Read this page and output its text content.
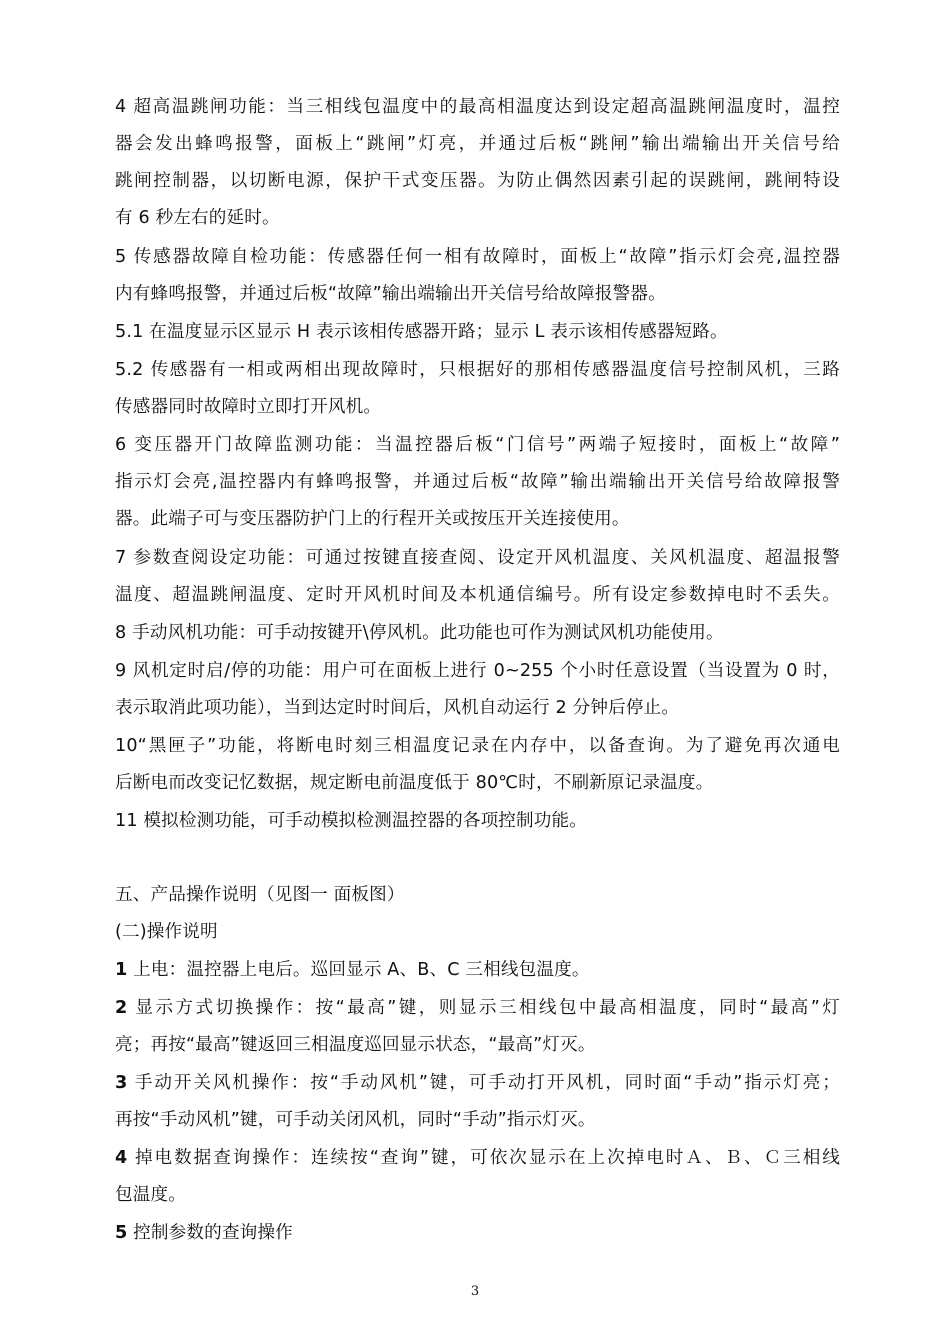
4 超高温跳闸功能：当三相线包温度中的最高相温度达到设定超高温跳闸温度时，温控
器会发出蜂鸣报警，面板上“跳闸”灯亮，并通过后板“跳闸”输出端输出开关信号给
跳闸控制器，以切断电源，保护干式变压器。为防止偶然因素引起的误跳闸，跳闸特设
有 6 秒左右的延时。
5 传感器故障自检功能：传感器任何一相有故障时，面板上“故障”指示灯会亮,温控器
内有蜂鸣报警，并通过后板“故障”输出端输出开关信号给故障报警器。
5.1 在温度显示区显示 H 表示该相传感器开路；显示 L 表示该相传感器短路。
5.2 传感器有一相或两相出现故障时，只根据好的那相传感器温度信号控制风机，三路
传感器同时故障时立即打开风机。
6 变压器开门故障监测功能：当温控器后板“门信号”两端子短接时，面板上“故障”
指示灯会亮,温控器内有蜂鸣报警，并通过后板“故障”输出端输出开关信号给故障报警
器。此端子可与变压器防护门上的行程开关或按压开关连接使用。
7 参数查阅设定功能：可通过按键直接查阅、设定开风机温度、关风机温度、超温报警
温度、超温跳闸温度、定时开风机时间及本机通信编号。所有设定参数掉电时不丢失。
8 手动风机功能：可手动按键开\停风机。此功能也可作为测试风机功能使用。
9 风机定时启/停的功能：用户可在面板上进行 0~255 个小时任意设置（当设置为 0 时，
表示取消此项功能），当到达定时时间后，风机自动运行 2 分钟后停止。
10“黑匣子”功能，将断电时刻三相温度记录在内存中，以备查询。为了避免再次通电
后断电而改变记忆数据，规定断电前温度低于 80℃时，不刷新原记录温度。
11 模拟检测功能，可手动模拟检测温控器的各项控制功能。
五、产品操作说明（见图一 面板图）
(二)操作说明
1 上电：温控器上电后。巡回显示 A、B、C 三相线包温度。
2 显示方式切换操作：按“最高”键，则显示三相线包中最高相温度，同时“最高”灯
亮；再按“最高”键返回三相温度巡回显示状态，“最高”灯灭。
3 手动开关风机操作：按“手动风机”键，可手动打开风机，同时面“手动”指示灯亮；
再按“手动风机”键，可手动关闭风机，同时“手动”指示灯灭。
4 掉电数据查询操作：连续按“查询”键，可依次显示在上次掉电时Ａ、Ｂ、Ｃ三相线
包温度。
5 控制参数的查询操作
3
